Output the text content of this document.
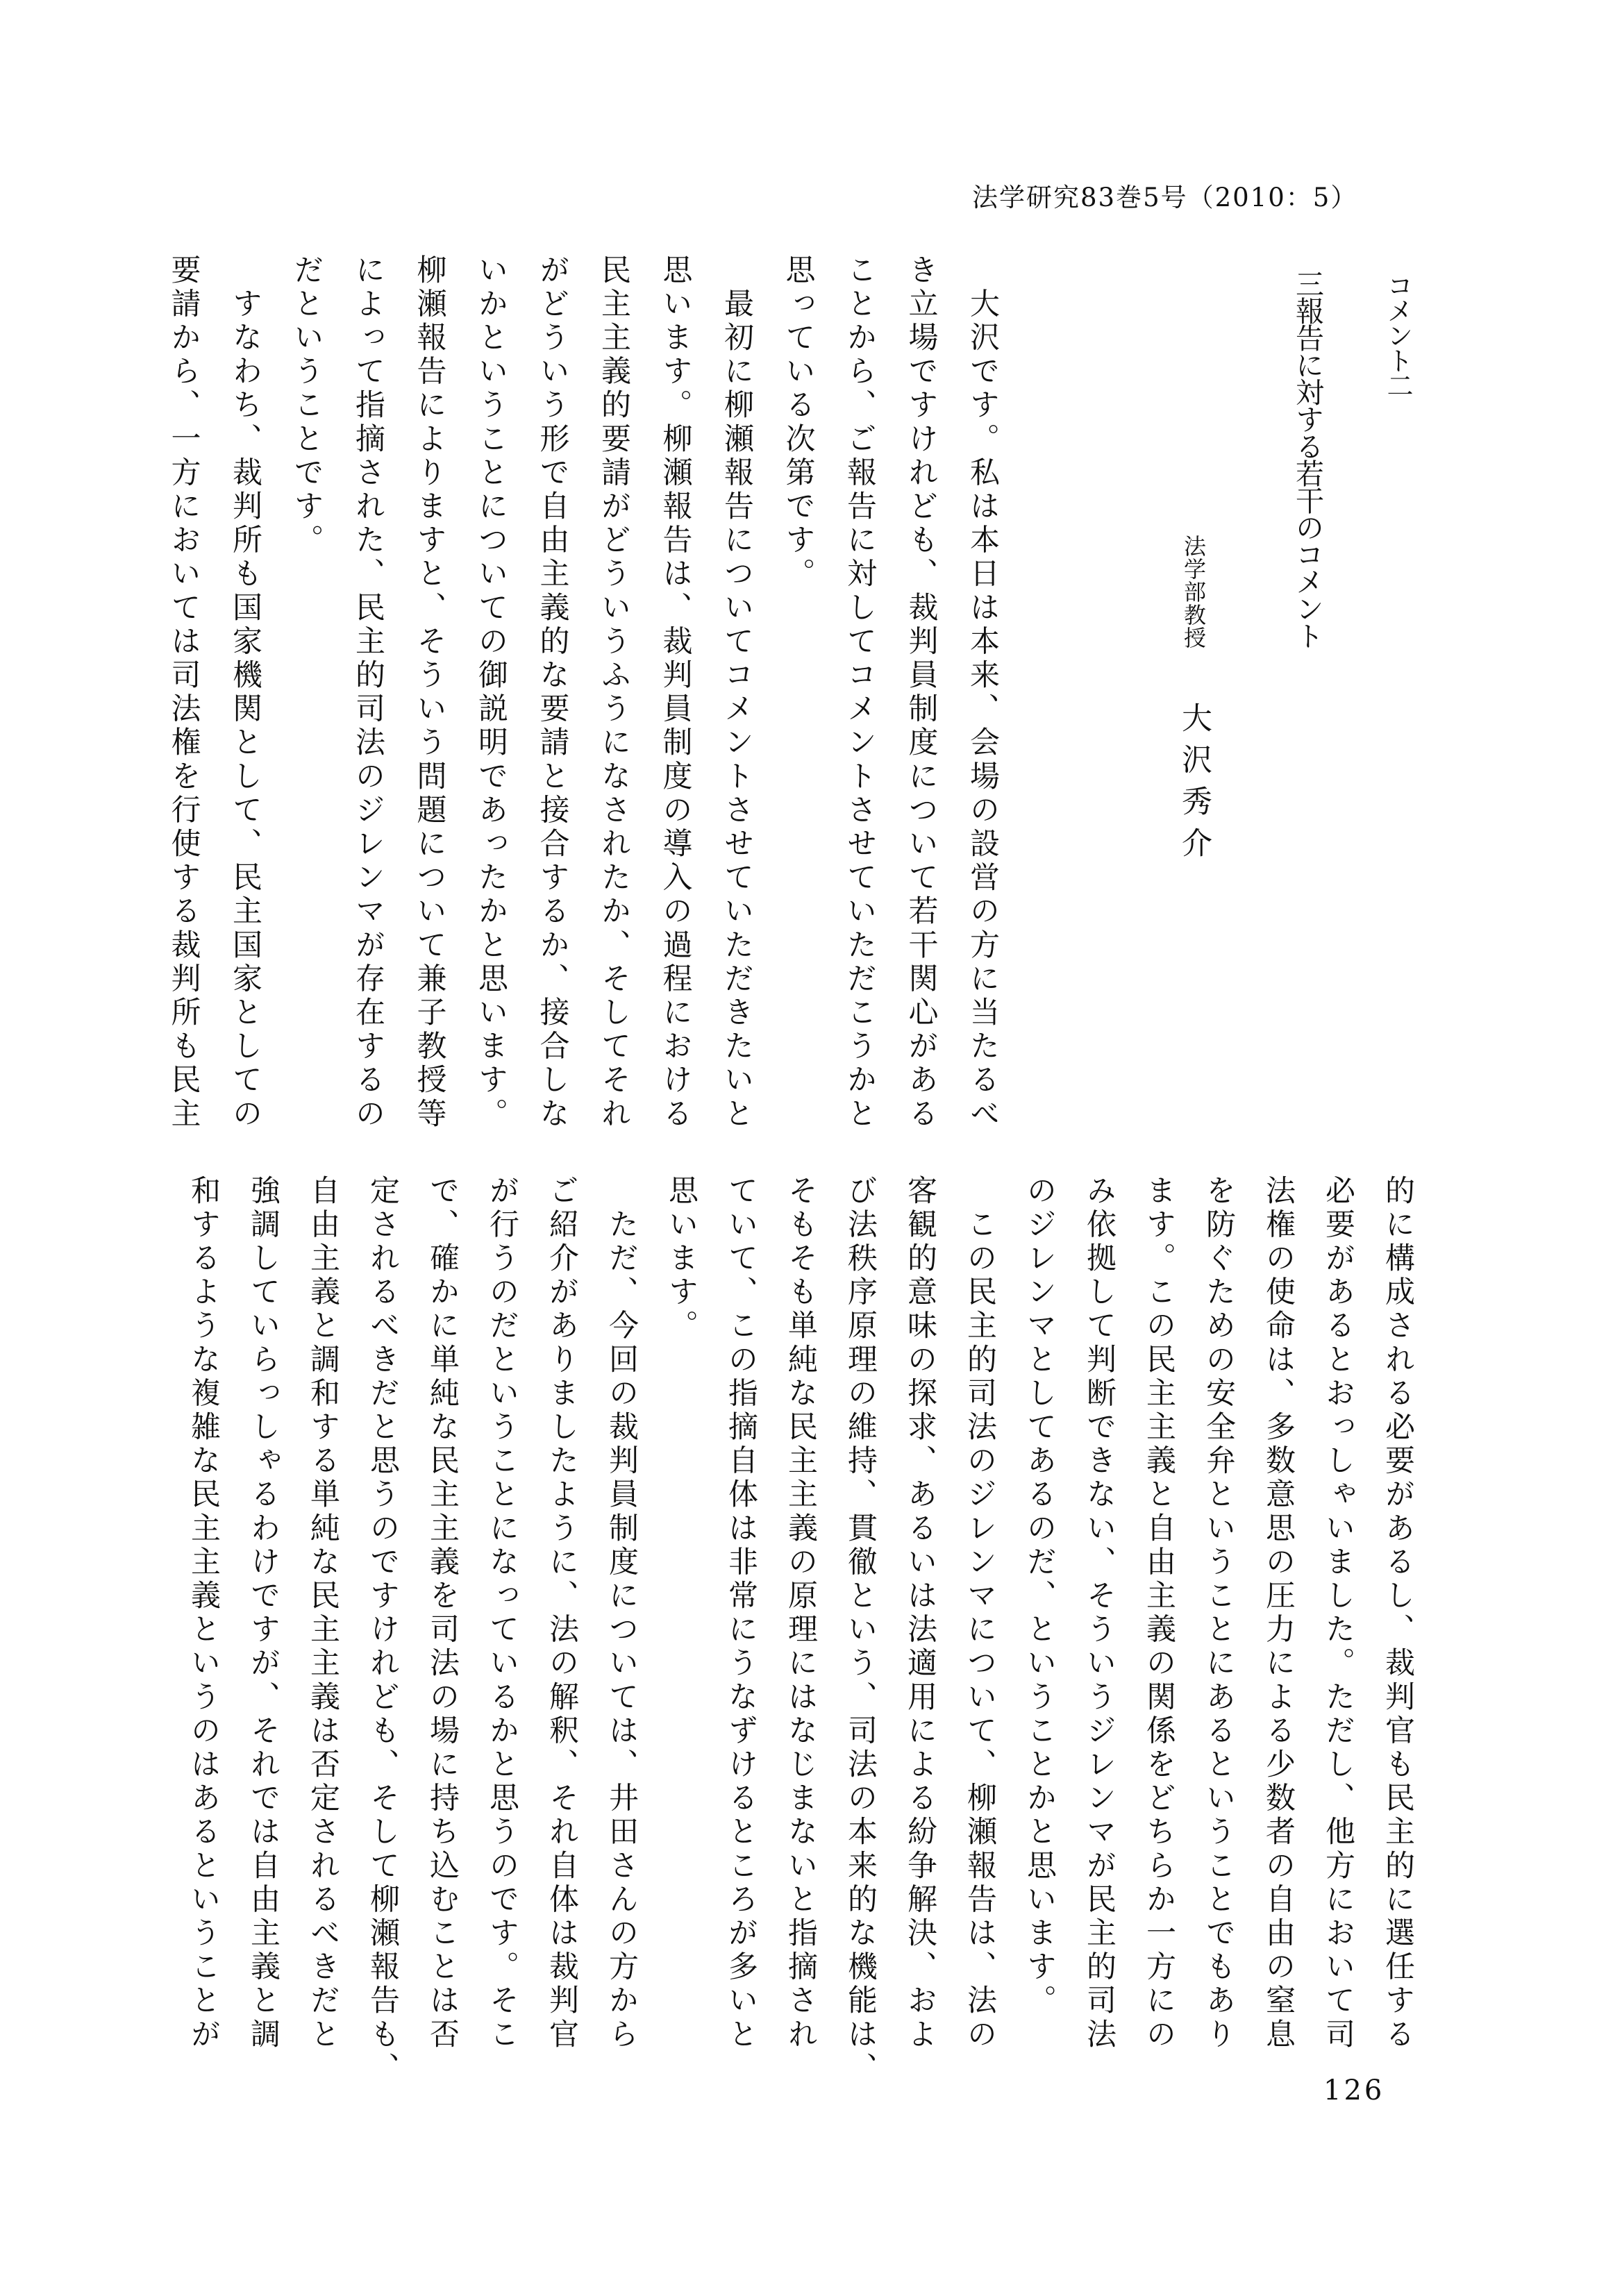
法学研究83巻5号（2010：5）
コメント二
三報告に対する若干のコメント
法学部教授大沢秀介
　大沢です。私は本日は本来、会場の設営の方に当たるべ
き立場ですけれども、裁判員制度について若干関心がある
ことから、ご報告に対してコメントさせていただこうかと
思っている次第です。
　最初に柳瀬報告についてコメントさせていただきたいと
思います。柳瀬報告は、裁判員制度の導入の過程における
民主主義的要請がどういうふうになされたか、そしてそれ
がどういう形で自由主義的な要請と接合するか、接合しな
いかということについての御説明であったかと思います。
柳瀬報告によりますと、そういう問題について兼子教授等
によって指摘された、民主的司法のジレンマが存在するの
だということです。
　すなわち、裁判所も国家機関として、民主国家としての
要請から、一方においては司法権を行使する裁判所も民主
的に構成される必要があるし、裁判官も民主的に選任する
必要があるとおっしゃいました。ただし、他方において司
法権の使命は、多数意思の圧力による少数者の自由の窒息
を防ぐための安全弁ということにあるということでもあり
ます。この民主主義と自由主義の関係をどちらか一方にの
み依拠して判断できない、そういうジレンマが民主的司法
のジレンマとしてあるのだ、ということかと思います。
　この民主的司法のジレンマについて、柳瀬報告は、法の
客観的意味の探求、あるいは法適用による紛争解決、およ
び法秩序原理の維持、貫徹という、司法の本来的な機能は、
そもそも単純な民主主義の原理にはなじまないと指摘され
ていて、この指摘自体は非常にうなずけるところが多いと
思います。
　ただ、今回の裁判員制度については、井田さんの方から
ご紹介がありましたように、法の解釈、それ自体は裁判官
が行うのだということになっているかと思うのです。そこ
で、確かに単純な民主主義を司法の場に持ち込むことは否
定されるべきだと思うのですけれども、そして柳瀬報告も、
自由主義と調和する単純な民主主義は否定されるべきだと
強調していらっしゃるわけですが、それでは自由主義と調
和するような複雑な民主主義というのはあるということが
126
